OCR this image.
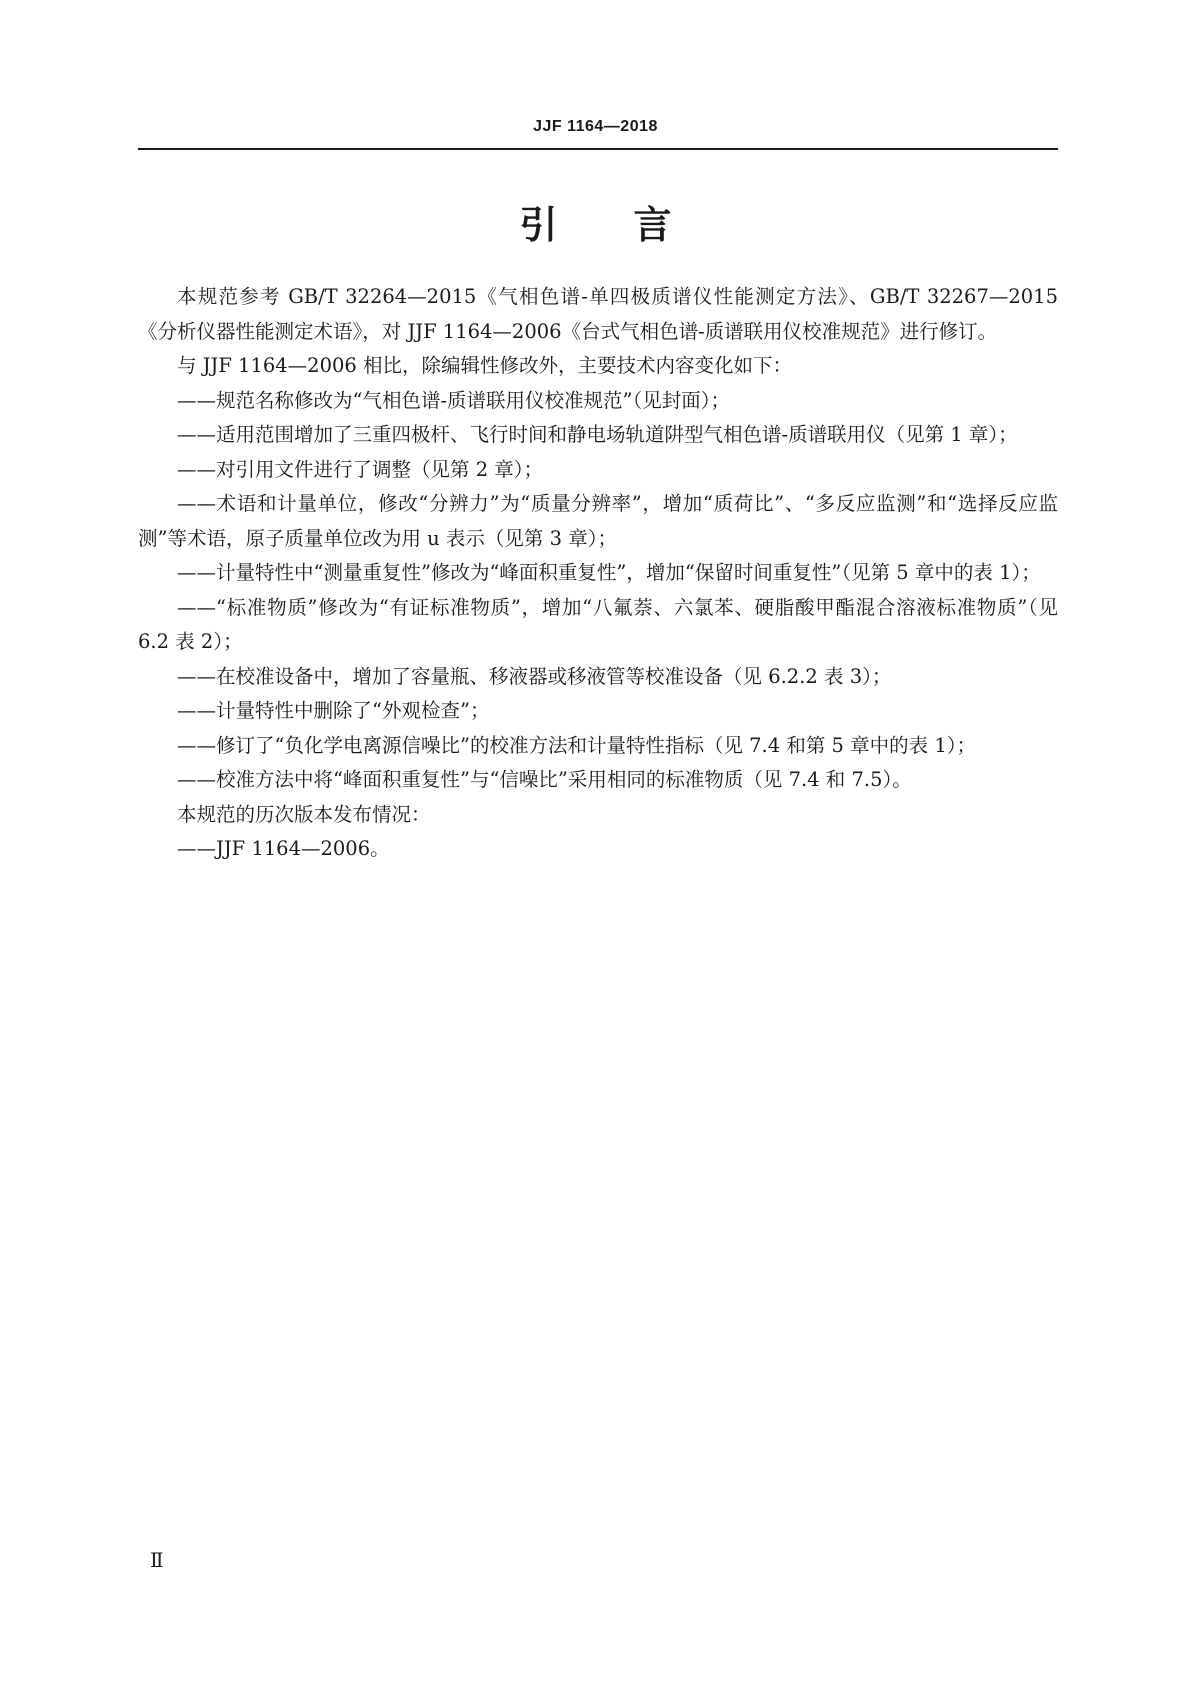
JJF 1164—2018
引 言

本规范参考 GB/T 32264—2015《气相色谱-单四极质谱仪性能测定方法》、GB/T 32267—2015《分析仪器性能测定术语》，对 JJF 1164—2006《台式气相色谱-质谱联用仪校准规范》进行修订。

与 JJF 1164—2006 相比，除编辑性修改外，主要技术内容变化如下：

——规范名称修改为“气相色谱-质谱联用仪校准规范”（见封面）；

——适用范围增加了三重四极杆、飞行时间和静电场轨道阱型气相色谱-质谱联用仪（见第 1 章）；

——对引用文件进行了调整（见第 2 章）；

——术语和计量单位，修改“分辨力”为“质量分辨率”，增加“质荷比”、“多反应监测”和“选择反应监测”等术语，原子质量单位改为用 u 表示（见第 3 章）；

——计量特性中“测量重复性”修改为“峰面积重复性”，增加“保留时间重复性”（见第 5 章中的表 1）；

——“标准物质”修改为“有证标准物质”，增加“八氟萘、六氯苯、硬脂酸甲酯混合溶液标准物质”（见 6.2 表 2）；

——在校准设备中，增加了容量瓶、移液器或移液管等校准设备（见 6.2.2 表 3）；

——计量特性中删除了“外观检查”；

——修订了“负化学电离源信噪比”的校准方法和计量特性指标（见 7.4 和第 5 章中的表 1）；

——校准方法中将“峰面积重复性”与“信噪比”采用相同的标准物质（见 7.4 和 7.5）。

本规范的历次版本发布情况：

——JJF 1164—2006。

Ⅱ
